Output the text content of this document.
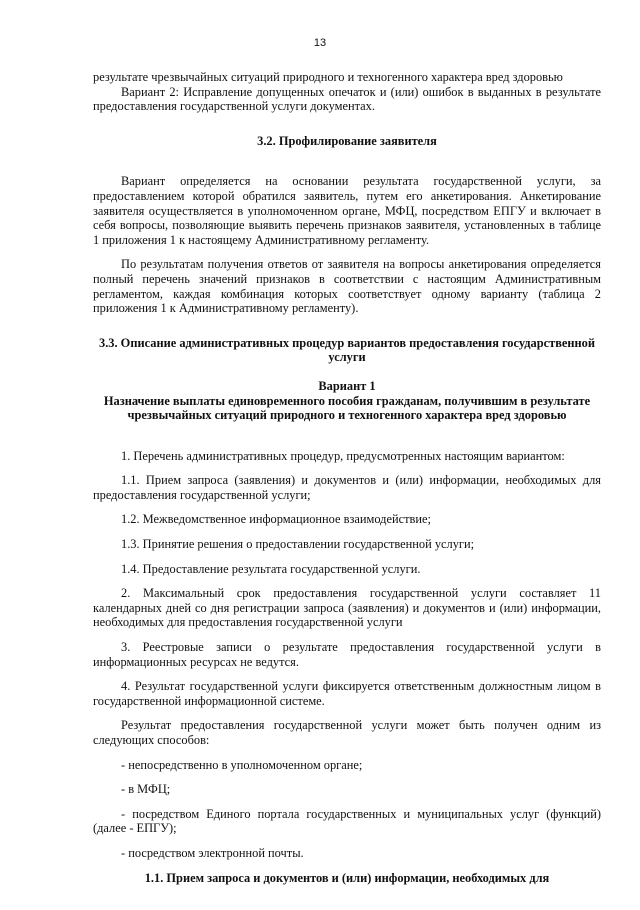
13

результате чрезвычайных ситуаций природного и техногенного характера вред здоровью

Вариант 2: Исправление допущенных опечаток и (или) ошибок в выданных в результате предоставления государственной услуги документах.

3.2. Профилирование заявителя

Вариант определяется на основании результата государственной услуги, за предоставлением которой обратился заявитель, путем его анкетирования. Анкетирование заявителя осуществляется в уполномоченном органе, МФЦ, посредством ЕПГУ и включает в себя вопросы, позволяющие выявить перечень признаков заявителя, установленных в таблице 1 приложения 1 к настоящему Административному регламенту.

По результатам получения ответов от заявителя на вопросы анкетирования определяется полный перечень значений признаков в соответствии с настоящим Административным регламентом, каждая комбинация которых соответствует одному варианту (таблица 2 приложения 1 к Административному регламенту).

3.3. Описание административных процедур вариантов предоставления государственной услуги

Вариант 1

Назначение выплаты единовременного пособия гражданам, получившим в результате чрезвычайных ситуаций природного и техногенного характера вред здоровью

1. Перечень административных процедур, предусмотренных настоящим вариантом:

1.1. Прием запроса (заявления) и документов и (или) информации, необходимых для предоставления государственной услуги;

1.2. Межведомственное информационное взаимодействие;

1.3. Принятие решения о предоставлении государственной услуги;

1.4. Предоставление результата государственной услуги.

2. Максимальный срок предоставления государственной услуги составляет 11 календарных дней со дня регистрации запроса (заявления) и документов и (или) информации, необходимых для предоставления государственной услуги

3. Реестровые записи о результате предоставления государственной услуги в информационных ресурсах не ведутся.

4. Результат государственной услуги фиксируется ответственным должностным лицом в государственной информационной системе.

Результат предоставления государственной услуги может быть получен одним из следующих способов:

- непосредственно в уполномоченном органе;

- в МФЦ;

- посредством Единого портала государственных и муниципальных услуг (функций) (далее - ЕПГУ);

- посредством электронной почты.

1.1. Прием запроса и документов и (или) информации, необходимых для
